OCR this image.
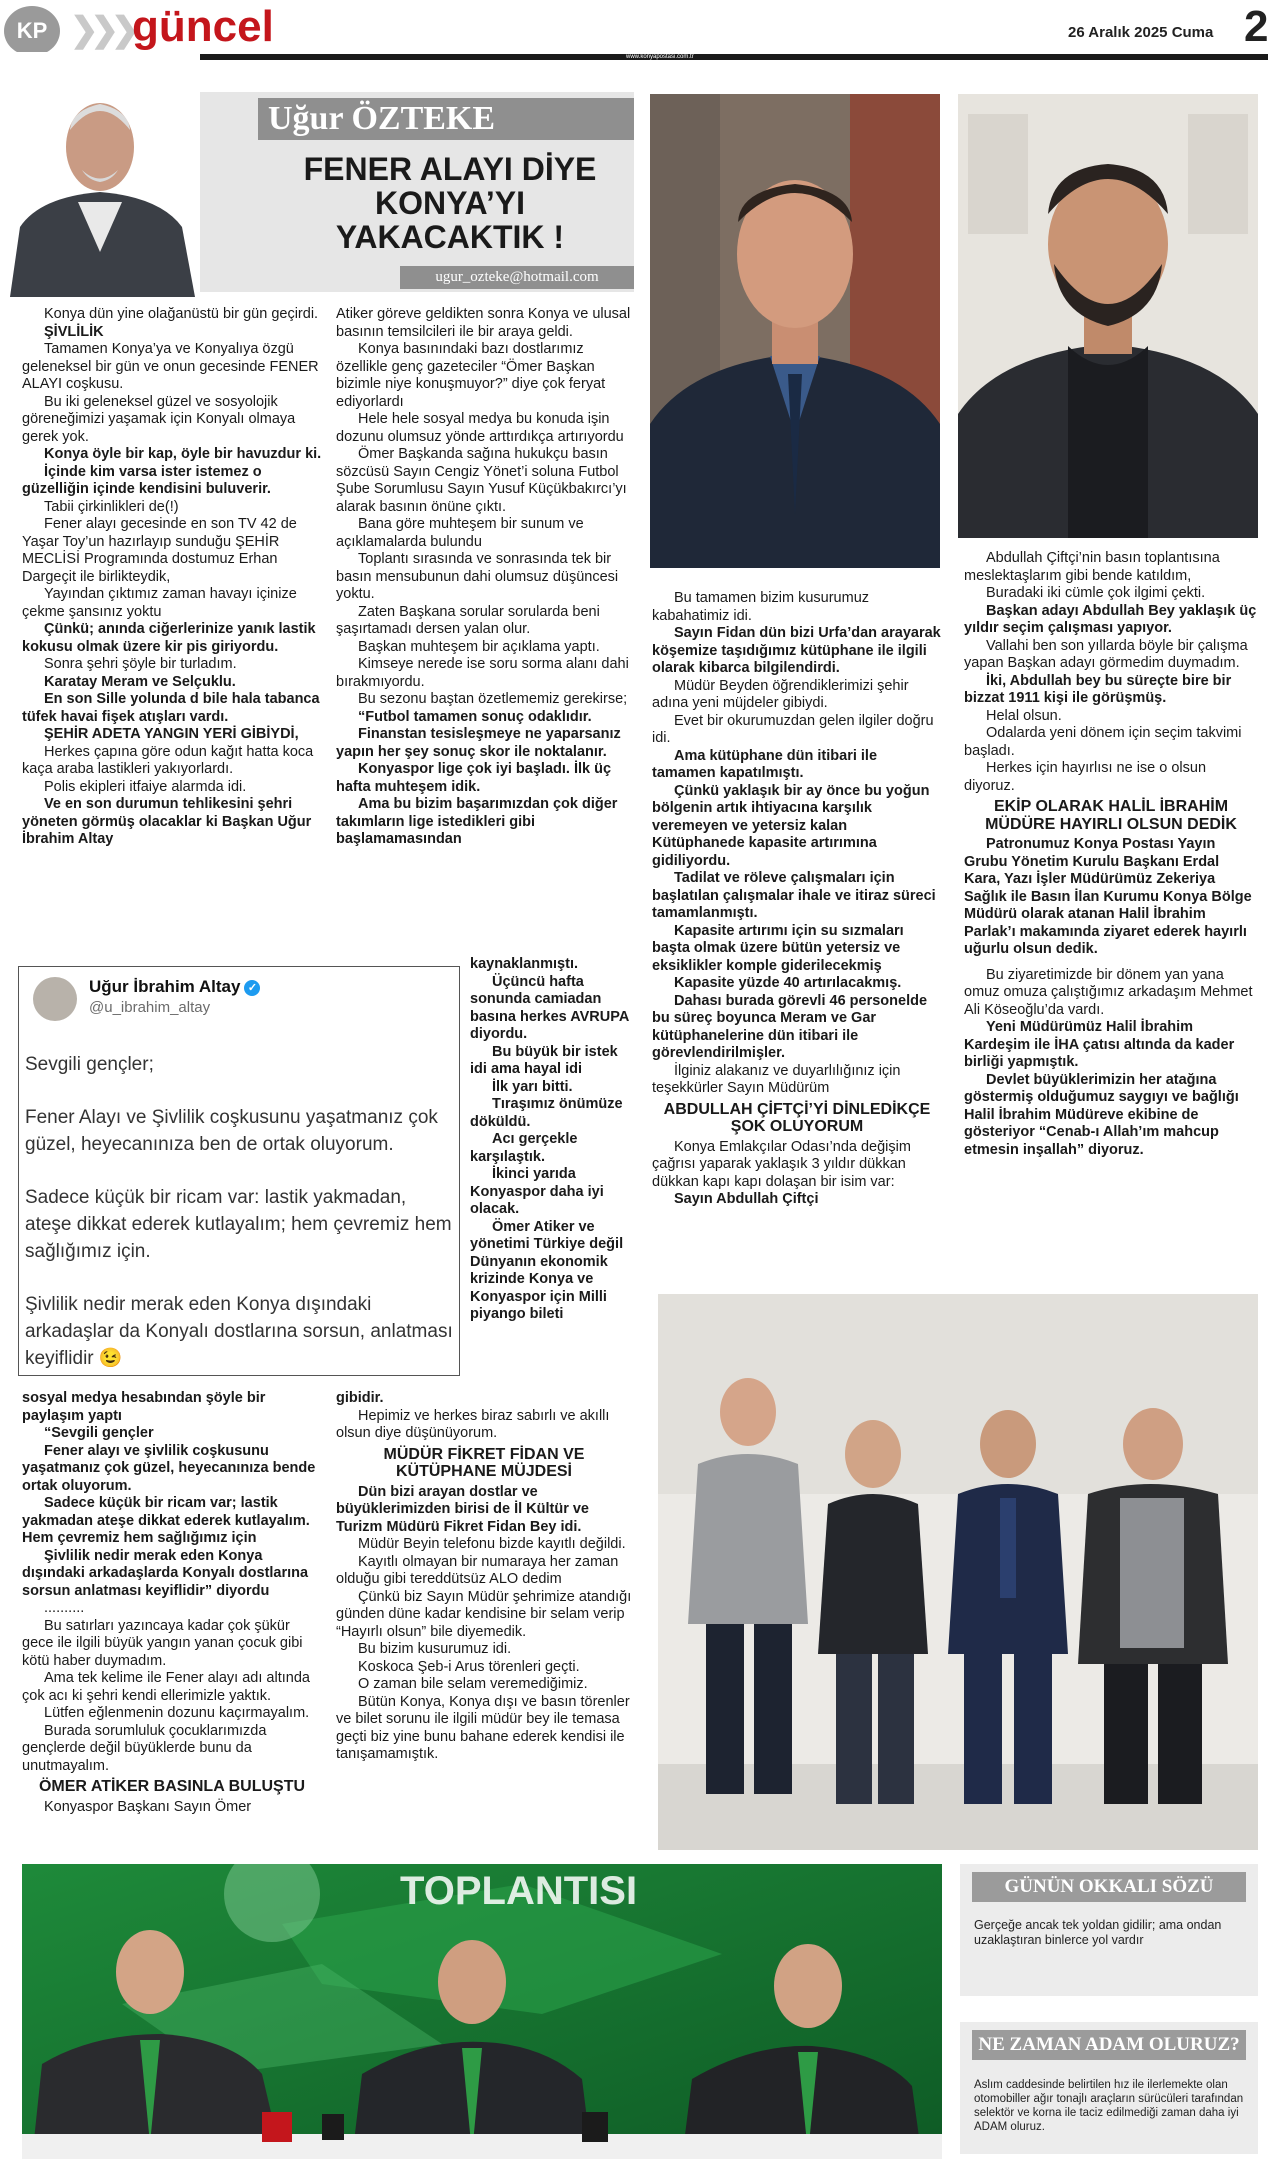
KP ❯❯❯ güncel
www.konyapostasi.com.tr
26 Aralık 2025 Cuma 2
Uğur ÖZTEKE
FENER ALAYI DİYE KONYA’YI YAKACAKTIK !
ugur_ozteke@hotmail.com

Konya dün yine olağanüstü bir gün geçirdi.

ŞİVLİLİK

Tamamen Konya’ya ve Konyalıya özgü geleneksel bir gün ve onun gecesinde FENER ALAYI coşkusu.

Bu iki geleneksel güzel ve sosyolojik göreneğimizi yaşamak için Konyalı olmaya gerek yok.

Konya öyle bir kap, öyle bir havuzdur ki.

İçinde kim varsa ister istemez o güzelliğin içinde kendisini buluverir.

Tabii çirkinlikleri de(!)

Fener alayı gecesinde en son TV 42 de Yaşar Toy’un hazırlayıp sunduğu ŞEHİR MECLİSİ Programında dostumuz Erhan Dargeçit ile birlikteydik,

Yayından çıktımız zaman havayı içinize çekme şansınız yoktu

Çünkü; anında ciğerlerinize yanık lastik kokusu olmak üzere kir pis giriyordu.

Sonra şehri şöyle bir turladım.

Karatay Meram ve Selçuklu.

En son Sille yolunda d bile hala tabanca tüfek havai fişek atışları vardı.

ŞEHİR ADETA YANGIN YERİ GİBİYDİ,

Herkes çapına göre odun kağıt hatta koca kaça araba lastikleri yakıyorlardı.

Polis ekipleri itfaiye alarmda idi.

Ve en son durumun tehlikesini şehri yöneten görmüş olacaklar ki Başkan Uğur İbrahim Altay

Uğur İbrahim Altay ✓
@u_ibrahim_altay

Sevgili gençler;

Fener Alayı ve Şivlilik coşkusunu yaşatmanız çok güzel, heyecanınıza ben de ortak oluyorum.

Sadece küçük bir ricam var: lastik yakmadan, ateşe dikkat ederek kutlayalım; hem çevremiz hem sağlığımız için.

Şivlilik nedir merak eden Konya dışındaki arkadaşlar da Konyalı dostlarına sorsun, anlatması keyiflidir 😉

sosyal medya hesabından şöyle bir paylaşım yaptı

“Sevgili gençler

Fener alayı ve şivlilik coşkusunu yaşatmanız çok güzel, heyecanınıza bende ortak oluyorum.

Sadece küçük bir ricam var; lastik yakmadan ateşe dikkat ederek kutlayalım. Hem çevremiz hem sağlığımız için

Şivlilik nedir merak eden Konya dışındaki arkadaşlarda Konyalı dostlarına sorsun anlatması keyiflidir” diyordu

..........

Bu satırları yazıncaya kadar çok şükür gece ile ilgili büyük yangın yanan çocuk gibi kötü haber duymadım.

Ama tek kelime ile Fener alayı adı altında çok acı ki şehri kendi ellerimizle yaktık.

Lütfen eğlenmenin dozunu kaçırmayalım.

Burada sorumluluk çocuklarımızda gençlerde değil büyüklerde bunu da unutmayalım.

ÖMER ATİKER BASINLA BULUŞTU

Konyaspor Başkanı Sayın Ömer

Atiker göreve geldikten sonra Konya ve ulusal basının temsilcileri ile bir araya geldi.

Konya basınındaki bazı dostlarımız özellikle genç gazeteciler “Ömer Başkan bizimle niye konuşmuyor?” diye çok feryat ediyorlardı

Hele hele sosyal medya bu konuda işin dozunu olumsuz yönde arttırdıkça artırıyordu

Ömer Başkanda sağına hukukçu basın sözcüsü Sayın Cengiz Yönet’i soluna Futbol Şube Sorumlusu Sayın Yusuf Küçükbakırcı’yı alarak basının önüne çıktı.

Bana göre muhteşem bir sunum ve açıklamalarda bulundu

Toplantı sırasında ve sonrasında tek bir basın mensubunun dahi olumsuz düşüncesi yoktu.

Zaten Başkana sorular sorularda beni şaşırtamadı dersen yalan olur.

Başkan muhteşem bir açıklama yaptı.

Kimseye nerede ise soru sorma alanı dahi bırakmıyordu.

Bu sezonu baştan özetlememiz gerekirse;

“Futbol tamamen sonuç odaklıdır.

Finanstan tesisleşmeye ne yaparsanız yapın her şey sonuç skor ile noktalanır.

Konyaspor lige çok iyi başladı. İlk üç hafta muhteşem idik.

Ama bu bizim başarımızdan çok diğer takımların lige istedikleri gibi başlamamasından

kaynaklanmıştı.

Üçüncü hafta sonunda camiadan basına herkes AVRUPA diyordu.

Bu büyük bir istek idi ama hayal idi

İlk yarı bitti.

Tıraşımız önümüze döküldü.

Acı gerçekle karşılaştık.

İkinci yarıda Konyaspor daha iyi olacak.

Ömer Atiker ve yönetimi Türkiye değil Dünyanın ekonomik krizinde Konya ve Konyaspor için Milli piyango bileti

gibidir.

Hepimiz ve herkes biraz sabırlı ve akıllı olsun diye düşünüyorum.

MÜDÜR FİKRET FİDAN VE KÜTÜPHANE MÜJDESİ

Dün bizi arayan dostlar ve büyüklerimizden birisi de İl Kültür ve Turizm Müdürü Fikret Fidan Bey idi.

Müdür Beyin telefonu bizde kayıtlı değildi.

Kayıtlı olmayan bir numaraya her zaman olduğu gibi tereddütsüz ALO dedim

Çünkü biz Sayın Müdür şehrimize atandığı günden düne kadar kendisine bir selam verip “Hayırlı olsun” bile diyemedik.

Bu bizim kusurumuz idi.

Koskoca Şeb-i Arus törenleri geçti.

O zaman bile selam veremediğimiz.

Bütün Konya, Konya dışı ve basın törenler ve bilet sorunu ile ilgili müdür bey ile temasa geçti biz yine bunu bahane ederek kendisi ile tanışamamıştık.

Bu tamamen bizim kusurumuz kabahatimiz idi.

Sayın Fidan dün bizi Urfa’dan arayarak köşemize taşıdığımız kütüphane ile ilgili olarak kibarca bilgilendirdi.

Müdür Beyden öğrendiklerimizi şehir adına yeni müjdeler gibiydi.

Evet bir okurumuzdan gelen ilgiler doğru idi.

Ama kütüphane dün itibari ile tamamen kapatılmıştı.

Çünkü yaklaşık bir ay önce bu yoğun bölgenin artık ihtiyacına karşılık veremeyen ve yetersiz kalan Kütüphanede kapasite artırımına gidiliyordu.

Tadilat ve röleve çalışmaları için başlatılan çalışmalar ihale ve itiraz süreci tamamlanmıştı.

Kapasite artırımı için su sızmaları başta olmak üzere bütün yetersiz ve eksiklikler komple giderilecekmiş

Kapasite yüzde 40 artırılacakmış.

Dahası burada görevli 46 personelde bu süreç boyunca Meram ve Gar kütüphanelerine dün itibari ile görevlendirilmişler.

İlginiz alakanız ve duyarlılığınız için teşekkürler Sayın Müdürüm

ABDULLAH ÇİFTÇİ’Yİ DİNLEDİKÇE ŞOK OLUYORUM

Konya Emlakçılar Odası’nda değişim çağrısı yaparak yaklaşık 3 yıldır dükkan dükkan kapı kapı dolaşan bir isim var:

Sayın Abdullah Çiftçi

Abdullah Çiftçi’nin basın toplantısına meslektaşlarım gibi bende katıldım,

Buradaki iki cümle çok ilgimi çekti.

Başkan adayı Abdullah Bey yaklaşık üç yıldır seçim çalışması yapıyor.

Vallahi ben son yıllarda böyle bir çalışma yapan Başkan adayı görmedim duymadım.

İki, Abdullah bey bu süreçte bire bir bizzat 1911 kişi ile görüşmüş.

Helal olsun.

Odalarda yeni dönem için seçim takvimi başladı.

Herkes için hayırlısı ne ise o olsun diyoruz.

EKİP OLARAK HALİL İBRAHİM MÜDÜRE HAYIRLI OLSUN DEDİK

Patronumuz Konya Postası Yayın Grubu Yönetim Kurulu Başkanı Erdal Kara, Yazı İşler Müdürümüz Zekeriya Sağlık ile Basın İlan Kurumu Konya Bölge Müdürü olarak atanan Halil İbrahim Parlak’ı makamında ziyaret ederek hayırlı uğurlu olsun dedik.

Bu ziyaretimizde bir dönem yan yana omuz omuza çalıştığımız arkadaşım Mehmet Ali Köseoğlu’da vardı.

Yeni Müdürümüz Halil İbrahim Kardeşim ile İHA çatısı altında da kader birliği yapmıştık.

Devlet büyüklerimizin her atağına göstermiş olduğumuz saygıyı ve bağlığı Halil İbrahim Müdüreve ekibine de gösteriyor “Cenab-ı Allah’ım mahcup etmesin inşallah” diyoruz.

TOPLANTISI	GÜNÜN OKKALI SÖZÜ
Gerçeğe ancak tek yoldan gidilir; ama ondan uzaklaştıran binlerce yol vardır
NE ZAMAN ADAM OLURUZ?
Aslım caddesinde belirtilen hız ile ilerlemekte olan otomobiller ağır tonajlı araçların sürücüleri tarafından selektör ve korna ile taciz edilmediği zaman daha iyi ADAM oluruz.
